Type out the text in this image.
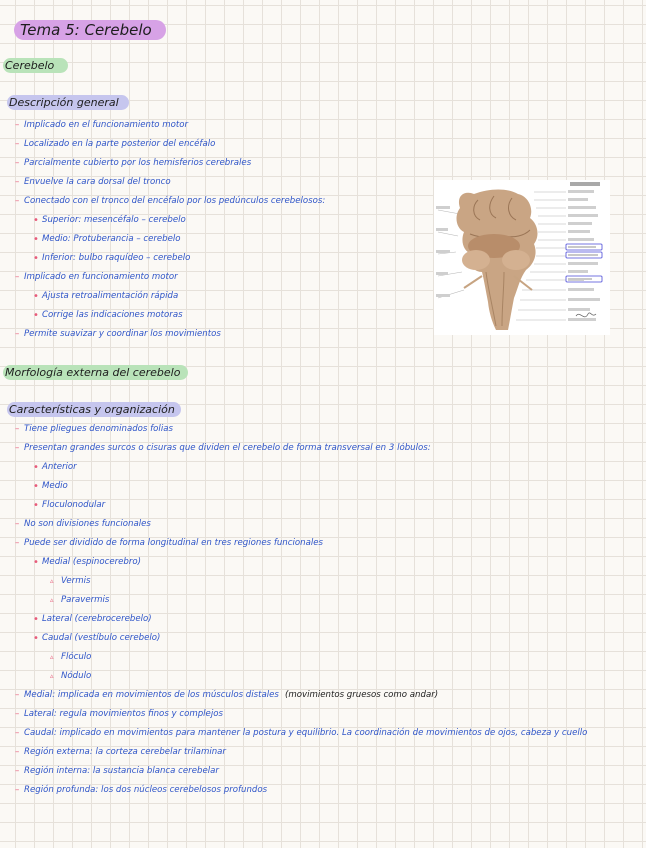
Tema 5: Cerebelo
Cerebelo
Descripción general
– Implicado en el funcionamiento motor
– Localizado en la parte posterior del encéfalo
– Parcialmente cubierto por los hemisferios cerebrales
– Envuelve la cara dorsal del tronco
– Conectado con el tronco del encéfalo por los pedúnculos cerebelosos:
• Superior: mesencéfalo – cerebelo
• Medio: Protuberancia – cerebelo
• Inferior: bulbo raquídeo – cerebelo
– Implicado en funcionamiento motor
• Ajusta retroalimentación rápida
• Corrige las indicaciones motoras
– Permite suavizar y coordinar los movimientos
Morfología externa del cerebelo
Características y organización
– Tiene pliegues denominados folias
– Presentan grandes surcos o cisuras que dividen el cerebelo de forma transversal en 3 lóbulos:
• Anterior
• Medio
• Floculonodular
– No son divisiones funcionales
– Puede ser dividido de forma longitudinal en tres regiones funcionales
• Medial (espinocerebro)
▵ Vermis
▵ Paravermis
• Lateral (cerebrocerebelo)
• Caudal (vestíbulo cerebelo)
▵ Flóculo
▵ Nódulo
– Medial: implicada en movimientos de los músculos distales (movimientos gruesos como andar)
– Lateral: regula movimientos finos y complejos
– Caudal: implicado en movimientos para mantener la postura y equilibrio. La coordinación de movimientos de ojos, cabeza y cuello
– Región externa: la corteza cerebelar trilaminar
– Región interna: la sustancia blanca cerebelar
– Región profunda: los dos núcleos cerebelosos profundos
